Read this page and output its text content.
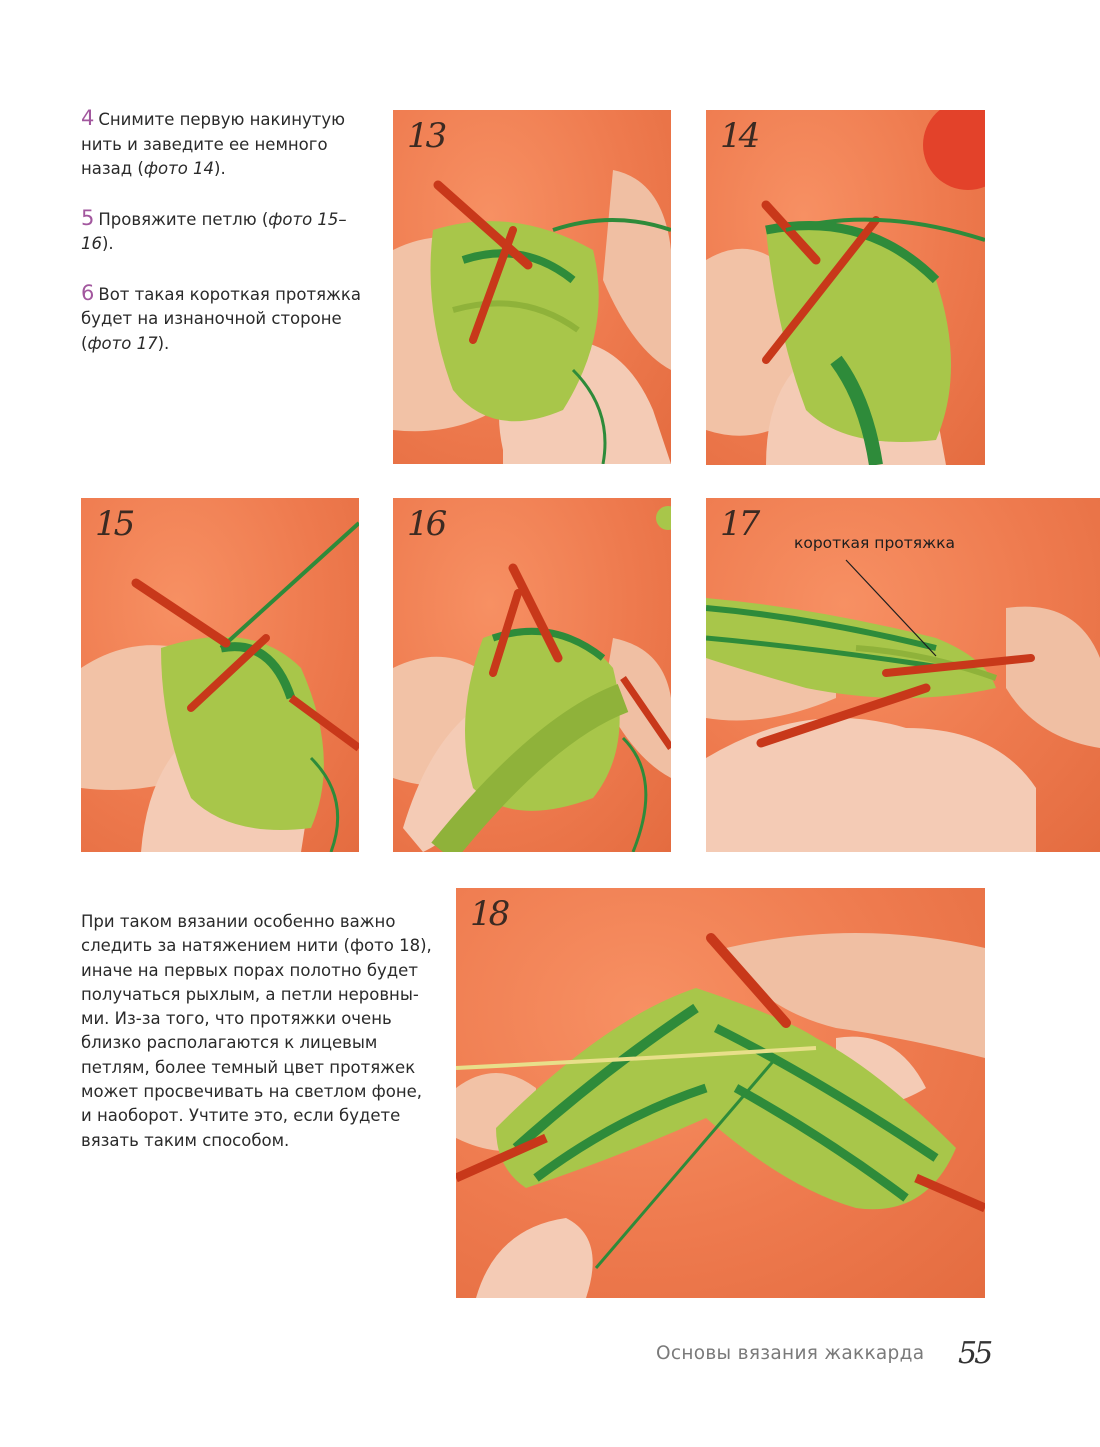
4 Снимите первую накинутую нить и заведите ее немного назад (фото 14).

5 Провяжите петлю (фото 15–16).

6 Вот такая короткая протяжка будет на изнаночной стороне (фото 17).

13	14
15	16	17 короткая протяжка
18
При таком вязании особенно важно
следить за натяжением нити (фото 18),
иначе на первых порах полотно будет
получаться рыхлым, а петли неровны-
ми. Из-за того, что протяжки очень
близко располагаются к лицевым
петлям, более темный цвет протяжек
может просвечивать на светлом фоне,
и наоборот. Учтите это, если будете
вязать таким способом.
Основы вязания жаккарда 55
